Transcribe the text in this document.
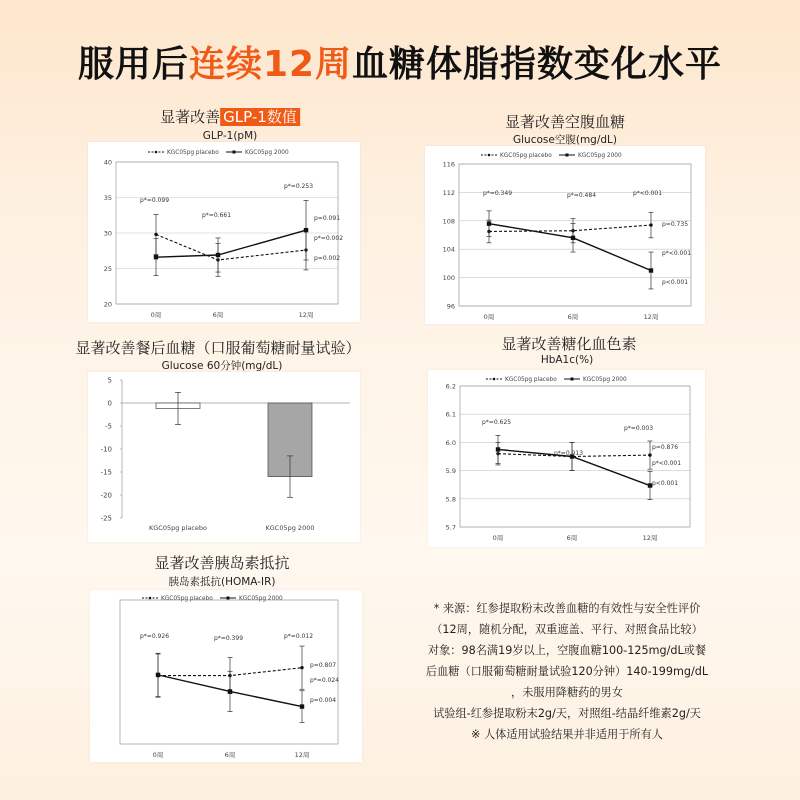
服用后连续12周血糖体脂指数变化水平
显著改善 GLP-1数值
GLP-1(pM)
40
35
30
25
20
0周	6周	12周
KGC05pg placebo	KGC05pg 2000
p*=0.099
p*=0.661
p*=0.253
p=0.091
p*=0.002
p=0.002
显著改善空腹血糖
Glucose空腹(mg/dL)
116
112
108
104
100
96
0周	6周	12周
KGC05pg placebo	KGC05pg 2000
p*=0.349	p*=0.484	p*<0.001
p=0.735
p*<0.001
p<0.001
显著改善餐后血糖（口服葡萄糖耐量试验）
Glucose 60分钟(mg/dL)
5
0
-5
-10
-15
-20
-25
KGC05pg placebo	KGC05pg 2000
显著改善糖化血色素
HbA1c(%)
6.2
6.1
6.0
5.9
5.8
5.7
0周	6周	12周
KGC05pg placebo	KGC05pg 2000
p*=0.625
p*=0.913
p*=0.003
p=0.876
p*<0.001
p<0.001
显著改善胰岛素抵抗
胰岛素抵抗(HOMA-IR)
0周	6周	12周
KGC05pg placebo	KGC05pg 2000
p*=0.926	p*=0.399	p*=0.012
p=0.807
p*=0.024
p=0.004
* 来源：红参提取粉末改善血糖的有效性与安全性评价
（12周，随机分配，双重遮盖、平行、对照食品比较）
对象：98名满19岁以上，空腹血糖100-125mg/dL或餐
后血糖（口服葡萄糖耐量试验120分钟）140-199mg/dL
，未服用降糖药的男女
试验组-红参提取粉末2g/天，对照组-结晶纤维素2g/天
※ 人体适用试验结果并非适用于所有人
